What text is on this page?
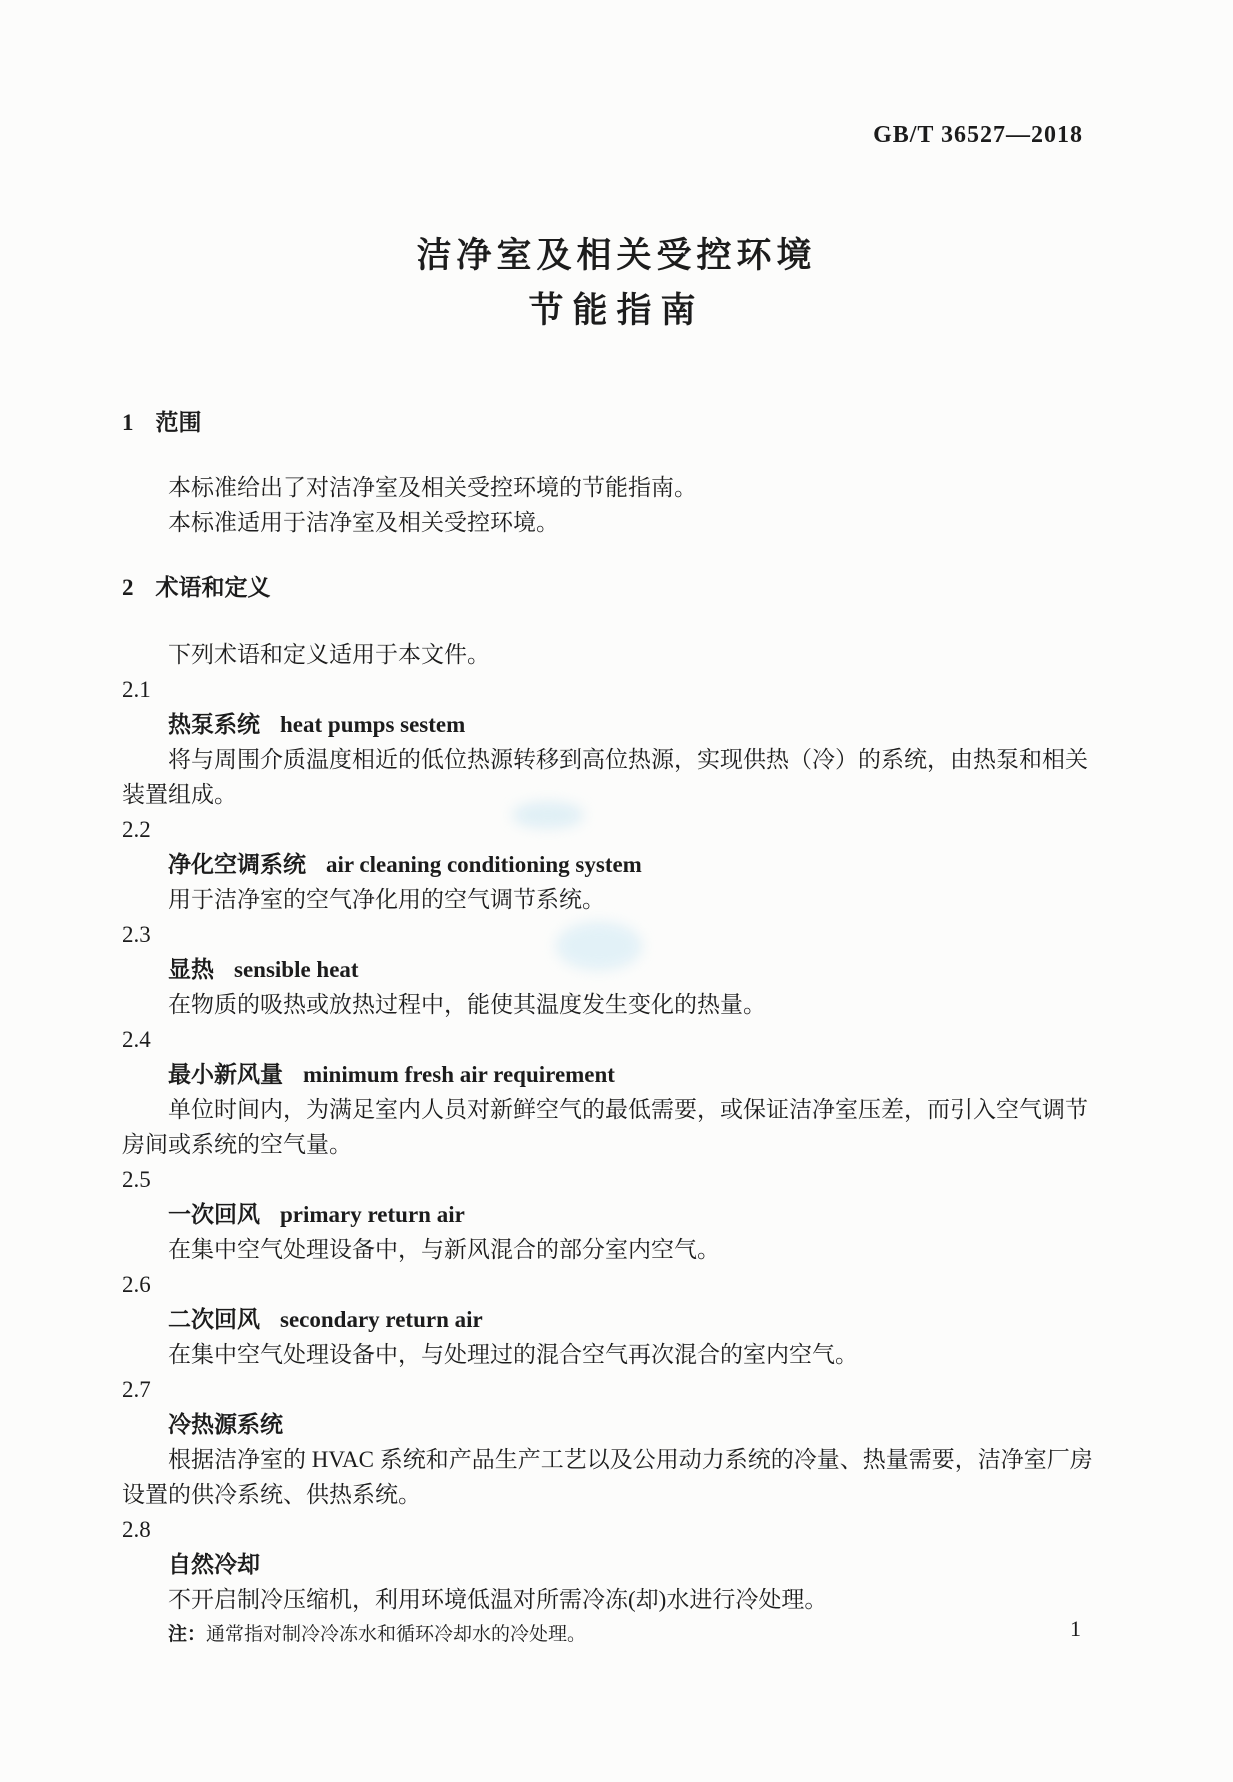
GB/T 36527—2018
洁净室及相关受控环境
节能指南
1 范围

本标准给出了对洁净室及相关受控环境的节能指南。

本标准适用于洁净室及相关受控环境。

2 术语和定义

下列术语和定义适用于本文件。

2.1
热泵系统 heat pumps sestem

将与周围介质温度相近的低位热源转移到高位热源，实现供热（冷）的系统，由热泵和相关装置组成。

2.2
净化空调系统 air cleaning conditioning system

用于洁净室的空气净化用的空气调节系统。

2.3
显热 sensible heat

在物质的吸热或放热过程中，能使其温度发生变化的热量。

2.4
最小新风量 minimum fresh air requirement

单位时间内，为满足室内人员对新鲜空气的最低需要，或保证洁净室压差，而引入空气调节房间或系统的空气量。

2.5
一次回风 primary return air

在集中空气处理设备中，与新风混合的部分室内空气。

2.6
二次回风 secondary return air

在集中空气处理设备中，与处理过的混合空气再次混合的室内空气。

2.7
冷热源系统

根据洁净室的 HVAC 系统和产品生产工艺以及公用动力系统的冷量、热量需要，洁净室厂房设置的供冷系统、供热系统。

2.8
自然冷却

不开启制冷压缩机，利用环境低温对所需冷冻(却)水进行冷处理。

注：通常指对制冷冷冻水和循环冷却水的冷处理。	1
